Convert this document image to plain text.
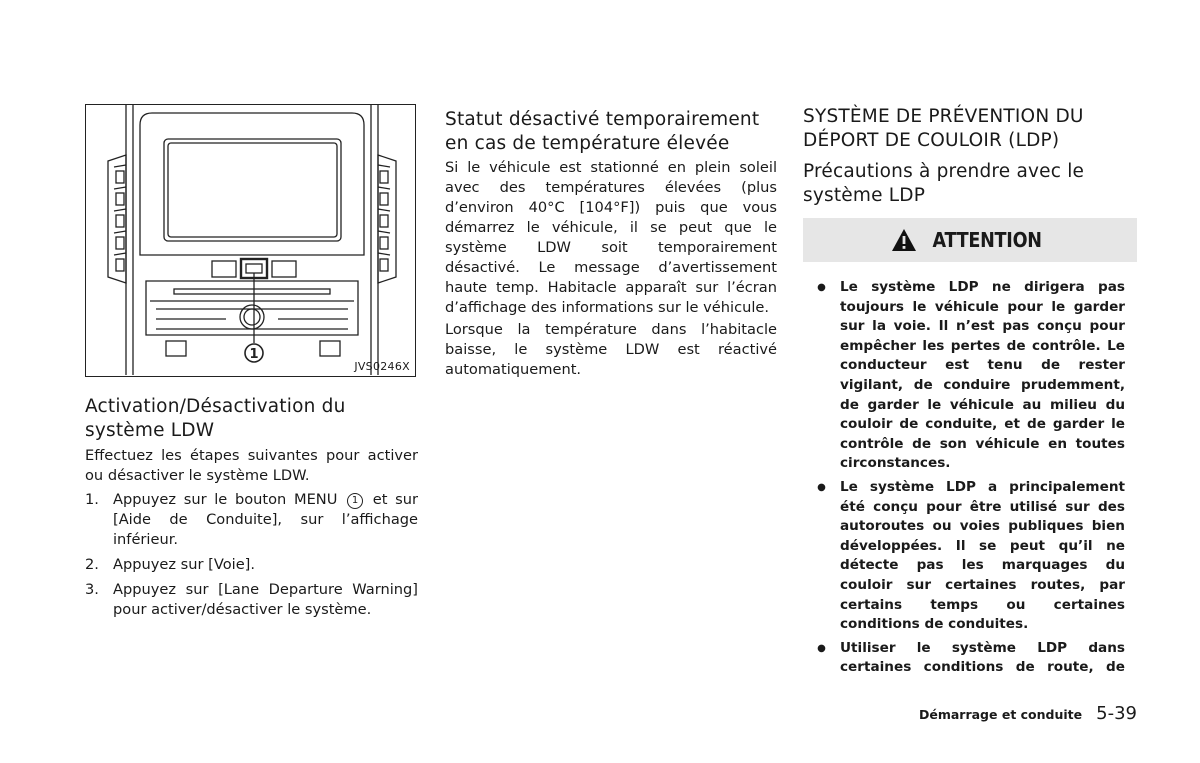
1
JVS0246X
Activation/Désactivation du système LDW

Effectuez les étapes suivantes pour activer ou désactiver le système LDW.

1. Appuyez sur le bouton MENU 1 et sur [Aide de Conduite], sur l’affichage inférieur.
2. Appuyez sur [Voie].
3. Appuyez sur [Lane Departure Warning] pour activer/désactiver le système.
Statut désactivé temporairement en cas de température élevée

Si le véhicule est stationné en plein soleil avec des températures élevées (plus d’environ 40°C [104°F]) puis que vous démarrez le véhicule, il se peut que le système LDW soit temporairement désactivé. Le message d’avertissement haute temp. Habitacle apparaît sur l’écran d’affichage des informations sur le véhicule.

Lorsque la température dans l’habitacle baisse, le système LDW est réactivé automatiquement.

SYSTÈME DE PRÉVENTION DU DÉPORT DE COULOIR (LDP)
Précautions à prendre avec le système LDP
ATTENTION
●	Le système LDP ne dirigera pas toujours le véhicule pour le garder sur la voie. Il n’est pas conçu pour empêcher les pertes de contrôle. Le conducteur est tenu de rester vigilant, de conduire prudemment, de garder le véhicule au milieu du couloir de conduite, et de garder le contrôle de son véhicule en toutes circonstances.
●	Le système LDP a principalement été conçu pour être utilisé sur des autoroutes ou voies publiques bien développées. Il se peut qu’il ne détecte pas les marquages du couloir sur certaines routes, par certains temps ou certaines conditions de conduites.
●	Utiliser le système LDP dans certaines conditions de route, de
Démarrage et conduite 5-39
